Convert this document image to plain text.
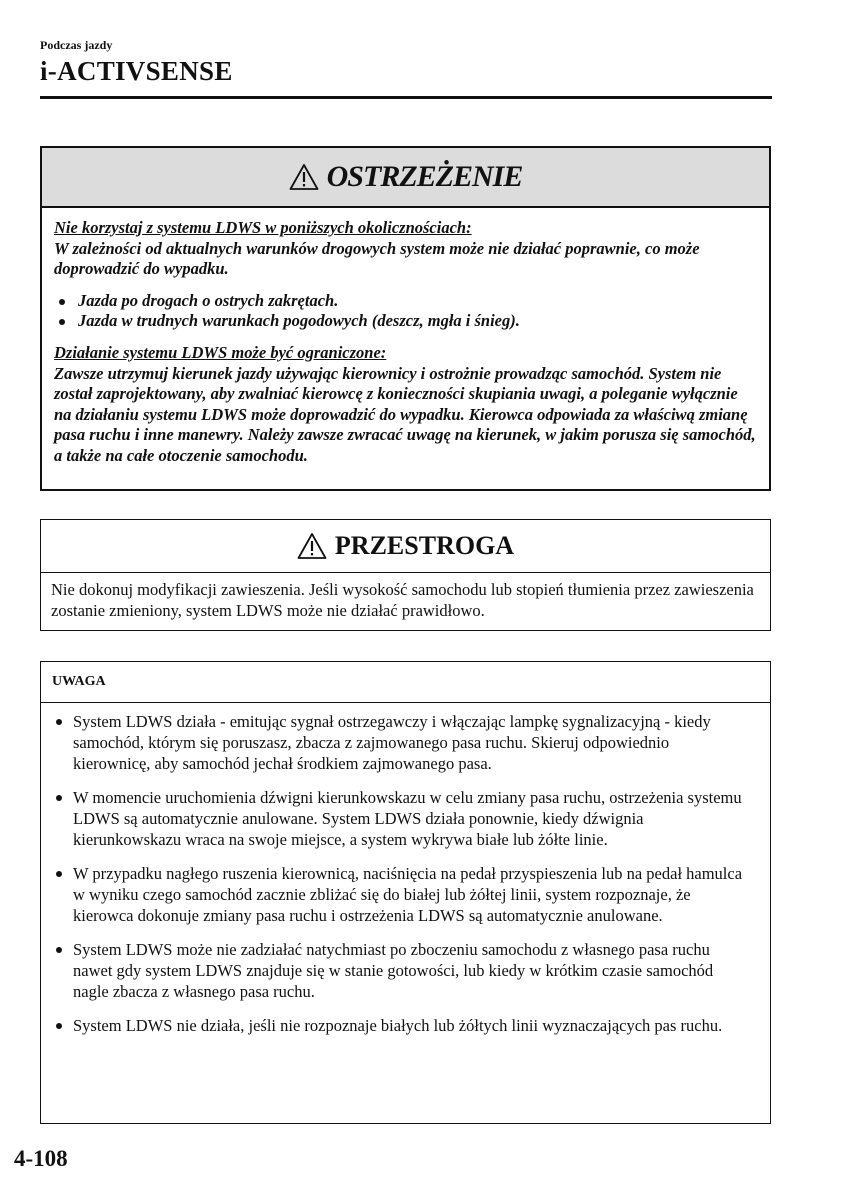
Podczas jazdy
i-ACTIVSENSE
OSTRZEŻENIE

Nie korzystaj z systemu LDWS w poniższych okolicznościach:

W zależności od aktualnych warunków drogowych system może nie działać poprawnie, co może doprowadzić do wypadku.

Jazda po drogach o ostrych zakrętach.
Jazda w trudnych warunkach pogodowych (deszcz, mgła i śnieg).

Działanie systemu LDWS może być ograniczone:

Zawsze utrzymuj kierunek jazdy używając kierownicy i ostrożnie prowadząc samochód. System nie został zaprojektowany, aby zwalniać kierowcę z konieczności skupiania uwagi, a poleganie wyłącznie na działaniu systemu LDWS może doprowadzić do wypadku. Kierowca odpowiada za właściwą zmianę pasa ruchu i inne manewry. Należy zawsze zwracać uwagę na kierunek, w jakim porusza się samochód, a także na całe otoczenie samochodu.

PRZESTROGA

Nie dokonuj modyfikacji zawieszenia. Jeśli wysokość samochodu lub stopień tłumienia przez zawieszenia zostanie zmieniony, system LDWS może nie działać prawidłowo.

UWAGA
System LDWS działa - emitując sygnał ostrzegawczy i włączając lampkę sygnalizacyjną - kiedy samochód, którym się poruszasz, zbacza z zajmowanego pasa ruchu. Skieruj odpowiednio kierownicę, aby samochód jechał środkiem zajmowanego pasa.
W momencie uruchomienia dźwigni kierunkowskazu w celu zmiany pasa ruchu, ostrzeżenia systemu LDWS są automatycznie anulowane. System LDWS działa ponownie, kiedy dźwignia kierunkowskazu wraca na swoje miejsce, a system wykrywa białe lub żółte linie.
W przypadku nagłego ruszenia kierownicą, naciśnięcia na pedał przyspieszenia lub na pedał hamulca w wyniku czego samochód zacznie zbliżać się do białej lub żółtej linii, system rozpoznaje, że kierowca dokonuje zmiany pasa ruchu i ostrzeżenia LDWS są automatycznie anulowane.
System LDWS może nie zadziałać natychmiast po zboczeniu samochodu z własnego pasa ruchu nawet gdy system LDWS znajduje się w stanie gotowości, lub kiedy w krótkim czasie samochód nagle zbacza z własnego pasa ruchu.
System LDWS nie działa, jeśli nie rozpoznaje białych lub żółtych linii wyznaczających pas ruchu.
4-108
